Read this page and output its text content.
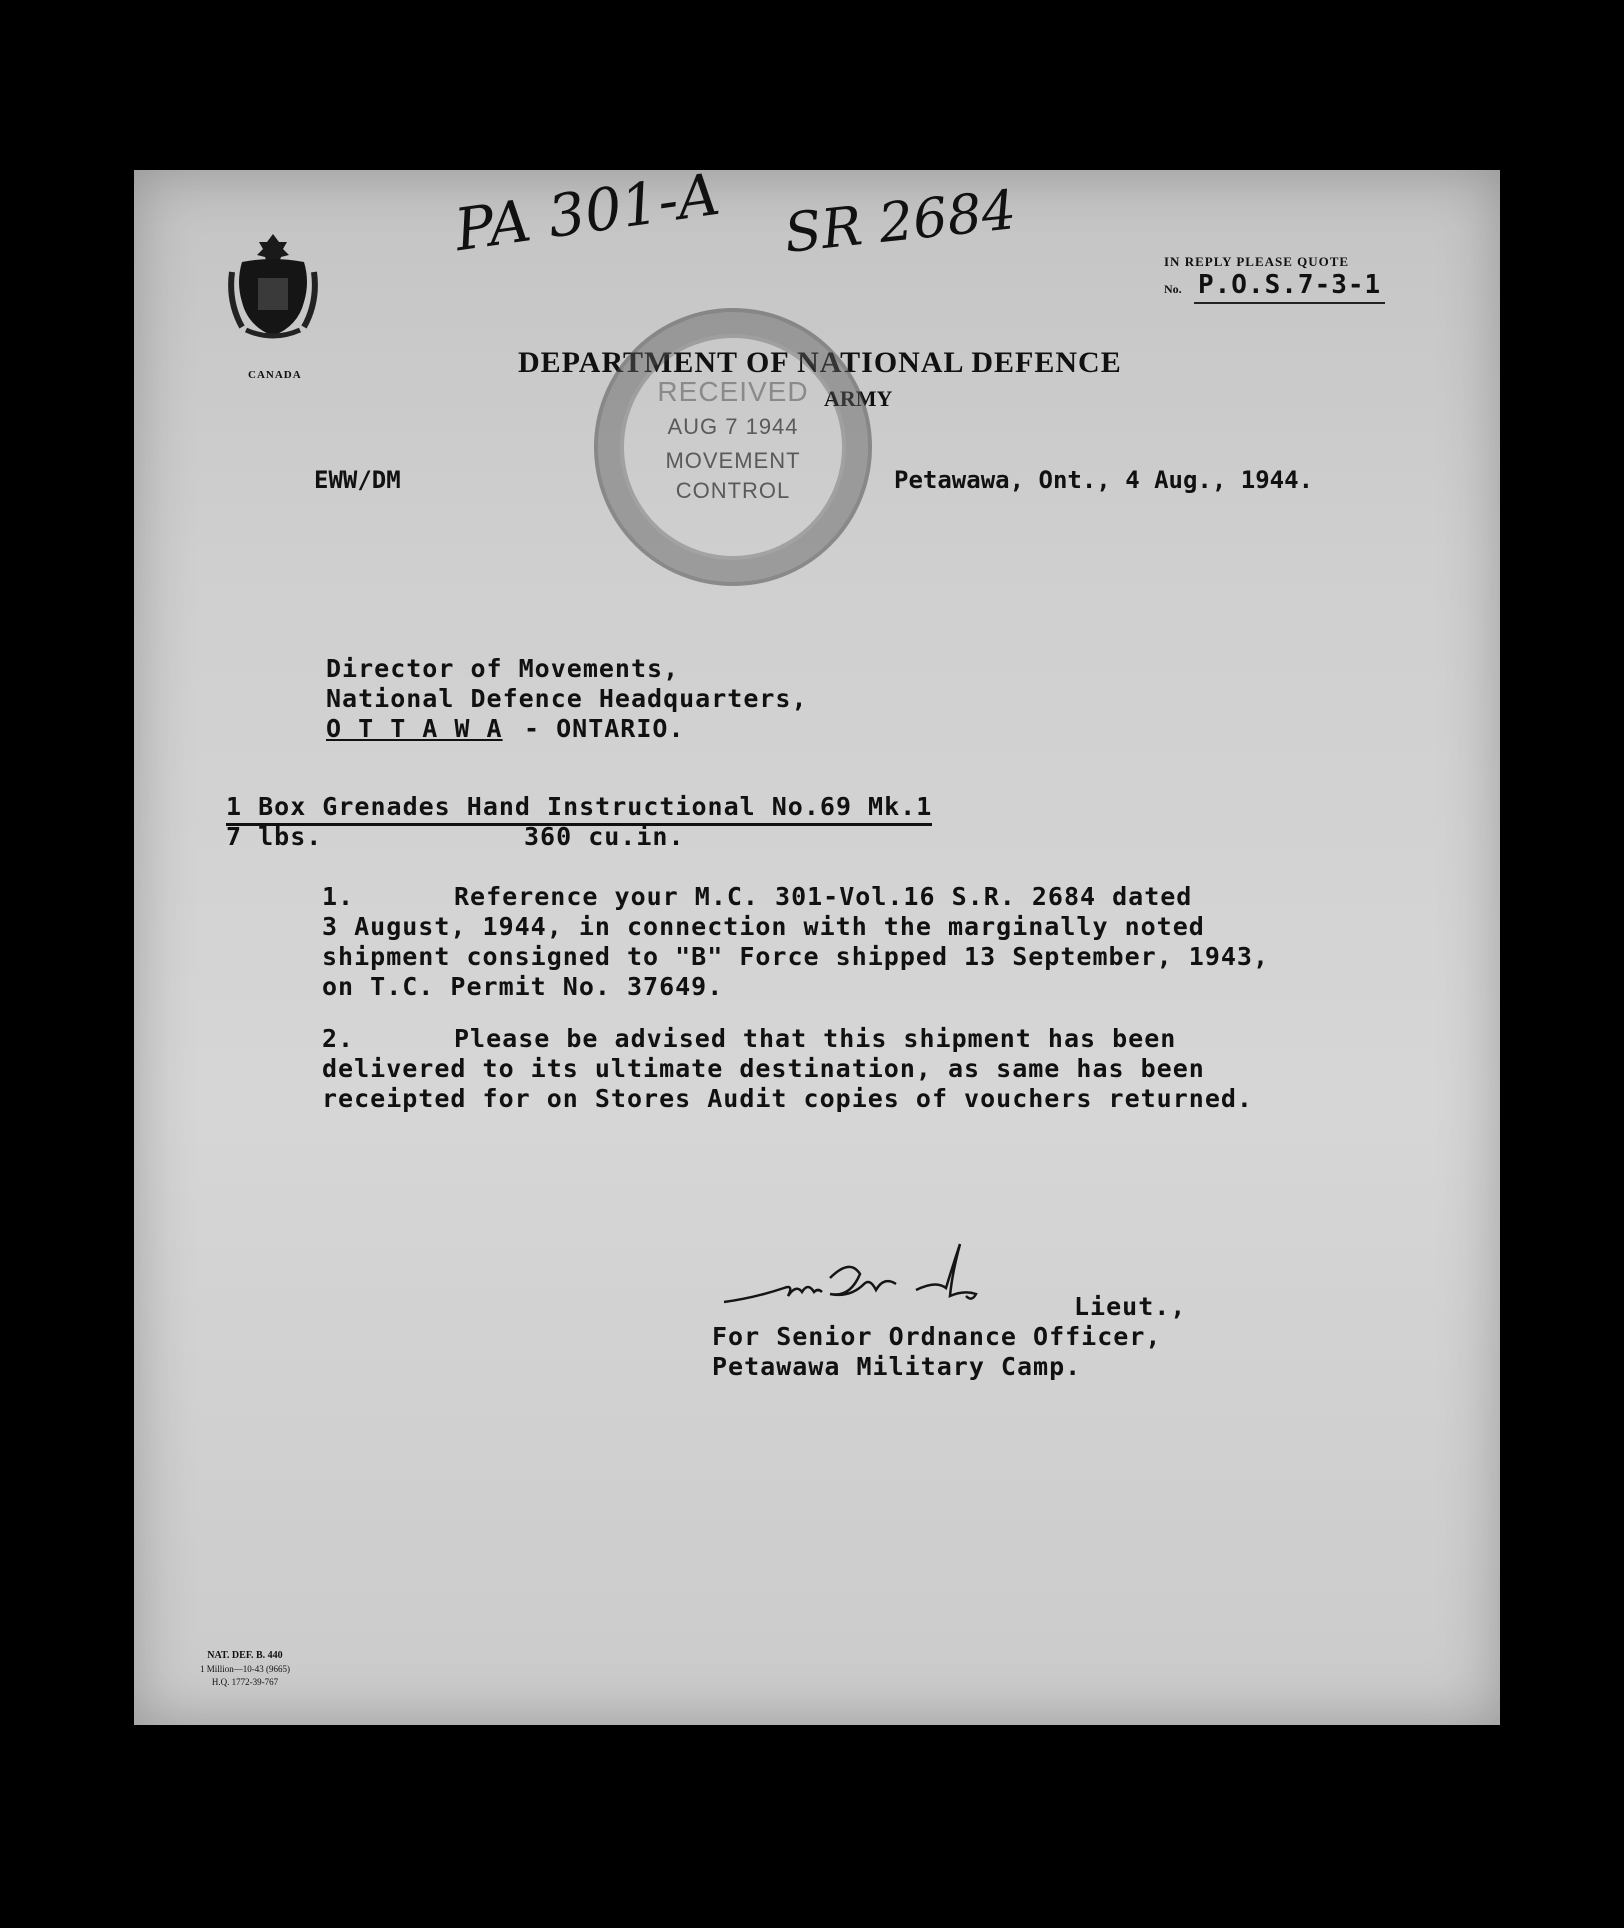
PA 301-A SR 2684
CANADA
IN REPLY PLEASE QUOTE
No. P.O.S.7-3-1
DEPARTMENT OF NATIONAL DEFENCE
ARMY
RECEIVED
AUG 7 1944
MOVEMENT
CONTROL
EWW/DM	Petawawa, Ont., 4 Aug., 1944.
Director of Movements,
National Defence Headquarters,
O T T A W A - ONTARIO.
1 Box Grenades Hand Instructional No.69 Mk.1
7 lbs.	360 cu.in.
1.	Reference your M.C. 301-Vol.16 S.R. 2684 dated
3 August, 1944, in connection with the marginally noted
shipment consigned to "B" Force shipped 13 September, 1943,
on T.C. Permit No. 37649.
2.	Please be advised that this shipment has been
delivered to its ultimate destination, as same has been
receipted for on Stores Audit copies of vouchers returned.
Lieut.,
For Senior Ordnance Officer,
Petawawa Military Camp.
NAT. DEF. B. 440
1 Million—10-43 (9665)
H.Q. 1772-39-767
